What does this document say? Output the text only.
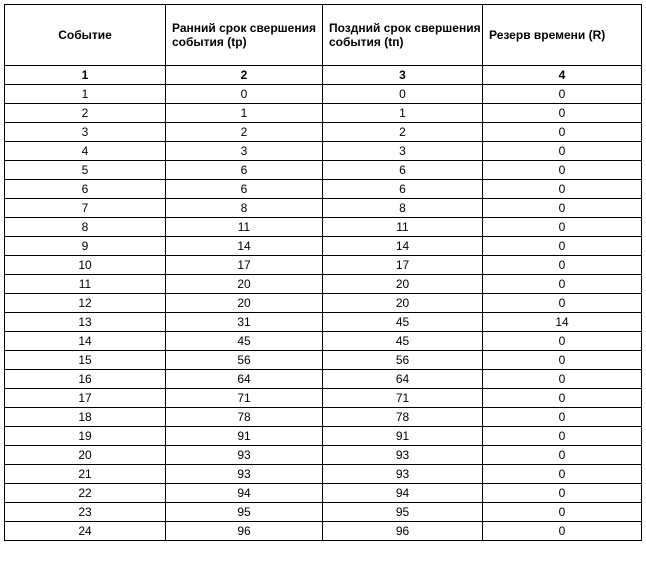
Событие	Ранний срок свершения события (tр)	Поздний срок свершения события (tп)	Резерв времени (R)
1	2	3	4
1	0	0	0
2	1	1	0
3	2	2	0
4	3	3	0
5	6	6	0
6	6	6	0
7	8	8	0
8	11	11	0
9	14	14	0
10	17	17	0
11	20	20	0
12	20	20	0
13	31	45	14
14	45	45	0
15	56	56	0
16	64	64	0
17	71	71	0
18	78	78	0
19	91	91	0
20	93	93	0
21	93	93	0
22	94	94	0
23	95	95	0
24	96	96	0
